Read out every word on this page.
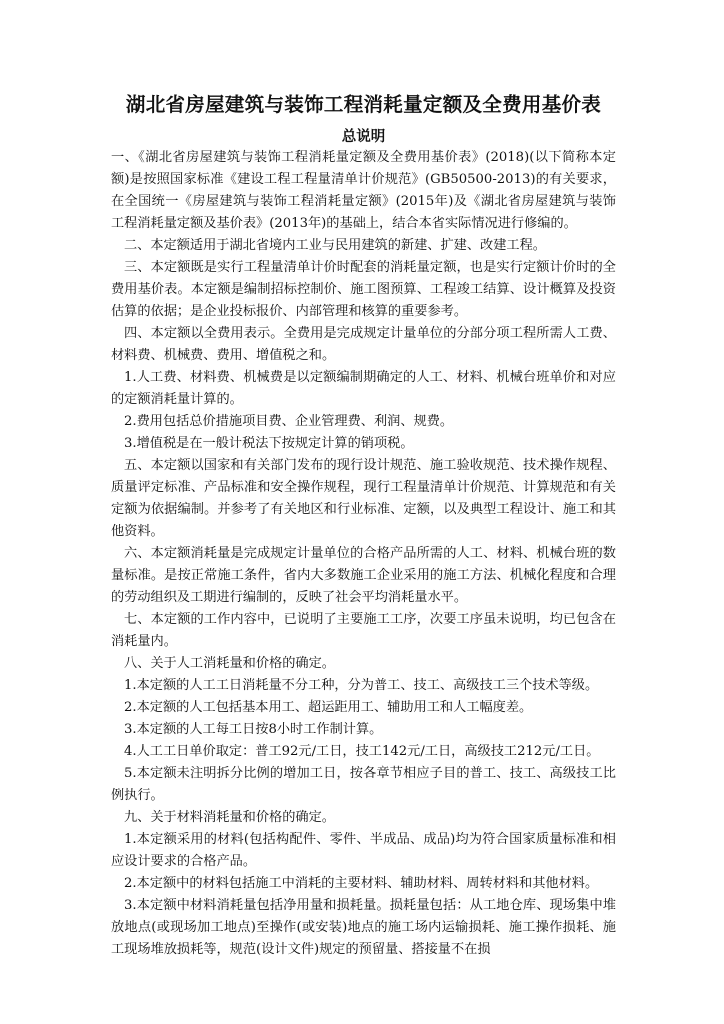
湖北省房屋建筑与装饰工程消耗量定额及全费用基价表
总说明

一、《湖北省房屋建筑与装饰工程消耗量定额及全费用基价表》(2018)(以下简称本定额)是按照国家标准《建设工程工程量清单计价规范》(GB50500-2013)的有关要求，在全国统一《房屋建筑与装饰工程消耗量定额》(2015年)及《湖北省房屋建筑与装饰工程消耗量定额及基价表》(2013年)的基础上，结合本省实际情况进行修编的。

二、本定额适用于湖北省境内工业与民用建筑的新建、扩建、改建工程。

三、本定额既是实行工程量清单计价时配套的消耗量定额，也是实行定额计价时的全费用基价表。本定额是编制招标控制价、施工图预算、工程竣工结算、设计概算及投资估算的依据；是企业投标报价、内部管理和核算的重要参考。

四、本定额以全费用表示。全费用是完成规定计量单位的分部分项工程所需人工费、材料费、机械费、费用、增值税之和。

1.人工费、材料费、机械费是以定额编制期确定的人工、材料、机械台班单价和对应的定额消耗量计算的。

2.费用包括总价措施项目费、企业管理费、利润、规费。

3.增值税是在一般计税法下按规定计算的销项税。

五、本定额以国家和有关部门发布的现行设计规范、施工验收规范、技术操作规程、质量评定标准、产品标准和安全操作规程，现行工程量清单计价规范、计算规范和有关定额为依据编制。并参考了有关地区和行业标准、定额，以及典型工程设计、施工和其他资料。

六、本定额消耗量是完成规定计量单位的合格产品所需的人工、材料、机械台班的数量标准。是按正常施工条件，省内大多数施工企业采用的施工方法、机械化程度和合理的劳动组织及工期进行编制的，反映了社会平均消耗量水平。

七、本定额的工作内容中，已说明了主要施工工序，次要工序虽未说明，均已包含在消耗量内。

八、关于人工消耗量和价格的确定。

1.本定额的人工工日消耗量不分工种，分为普工、技工、高级技工三个技术等级。

2.本定额的人工包括基本用工、超运距用工、辅助用工和人工幅度差。

3.本定额的人工每工日按8小时工作制计算。

4.人工工日单价取定：普工92元/工日，技工142元/工日，高级技工212元/工日。

5.本定额未注明拆分比例的增加工日，按各章节相应子目的普工、技工、高级技工比例执行。

九、关于材料消耗量和价格的确定。

1.本定额采用的材料(包括构配件、零件、半成品、成品)均为符合国家质量标准和相应设计要求的合格产品。

2.本定额中的材料包括施工中消耗的主要材料、辅助材料、周转材料和其他材料。

3.本定额中材料消耗量包括净用量和损耗量。损耗量包括：从工地仓库、现场集中堆放地点(或现场加工地点)至操作(或安装)地点的施工场内运输损耗、施工操作损耗、施工现场堆放损耗等，规范(设计文件)规定的预留量、搭接量不在损
